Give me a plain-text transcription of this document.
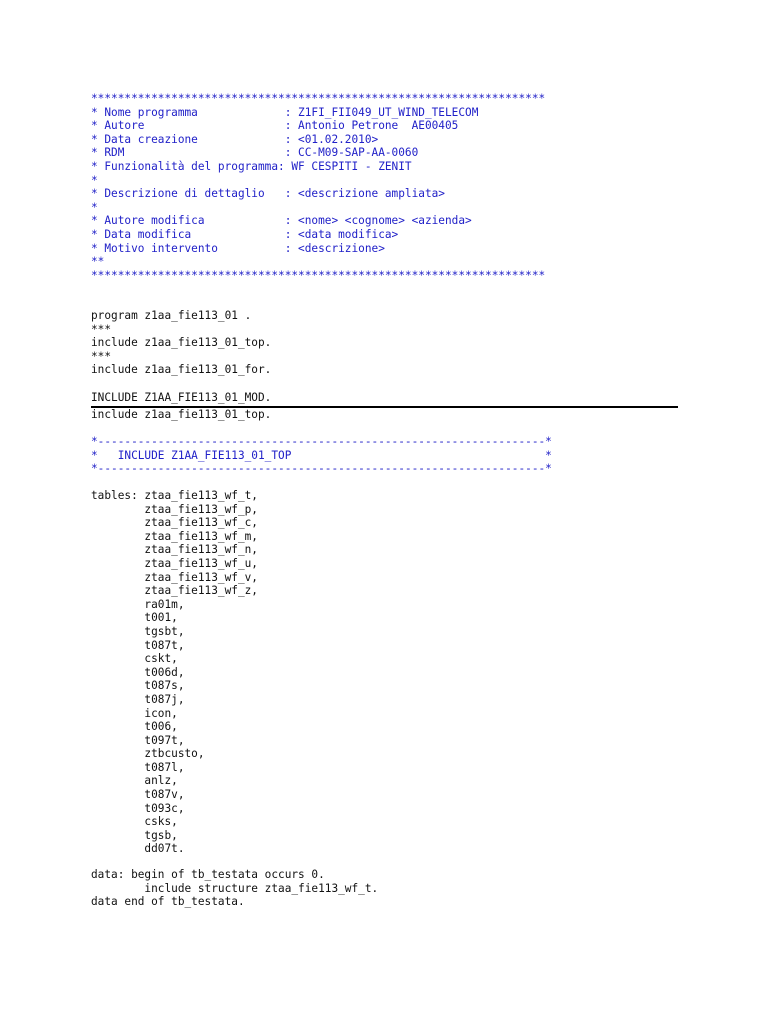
********************************************************************
* Nome programma             : Z1FI_FII049_UT_WIND_TELECOM
* Autore                     : Antonio Petrone  AE00405
* Data creazione             : <01.02.2010>
* RDM                        : CC-M09-SAP-AA-0060
* Funzionalità del programma: WF CESPITI - ZENIT
*
* Descrizione di dettaglio   : <descrizione ampliata>
*
* Autore modifica            : <nome> <cognome> <azienda>
* Data modifica              : <data modifica>
* Motivo intervento          : <descrizione>
**
********************************************************************
program z1aa_fie113_01 .
***
include z1aa_fie113_01_top.
***
include z1aa_fie113_01_for.
INCLUDE Z1AA_FIE113_01_MOD.
include z1aa_fie113_01_top.
*-------------------------------------------------------------------*
*   INCLUDE Z1AA_FIE113_01_TOP                                      *
*-------------------------------------------------------------------*
tables: ztaa_fie113_wf_t,
ztaa_fie113_wf_p,
ztaa_fie113_wf_c,
ztaa_fie113_wf_m,
ztaa_fie113_wf_n,
ztaa_fie113_wf_u,
ztaa_fie113_wf_v,
ztaa_fie113_wf_z,
ra01m,
t001,
tgsbt,
t087t,
cskt,
t006d,
t087s,
t087j,
icon,
t006,
t097t,
ztbcusto,
t087l,
anlz,
t087v,
t093c,
csks,
tgsb,
dd07t.
data: begin of tb_testata occurs 0.
include structure ztaa_fie113_wf_t.
data end of tb_testata.
